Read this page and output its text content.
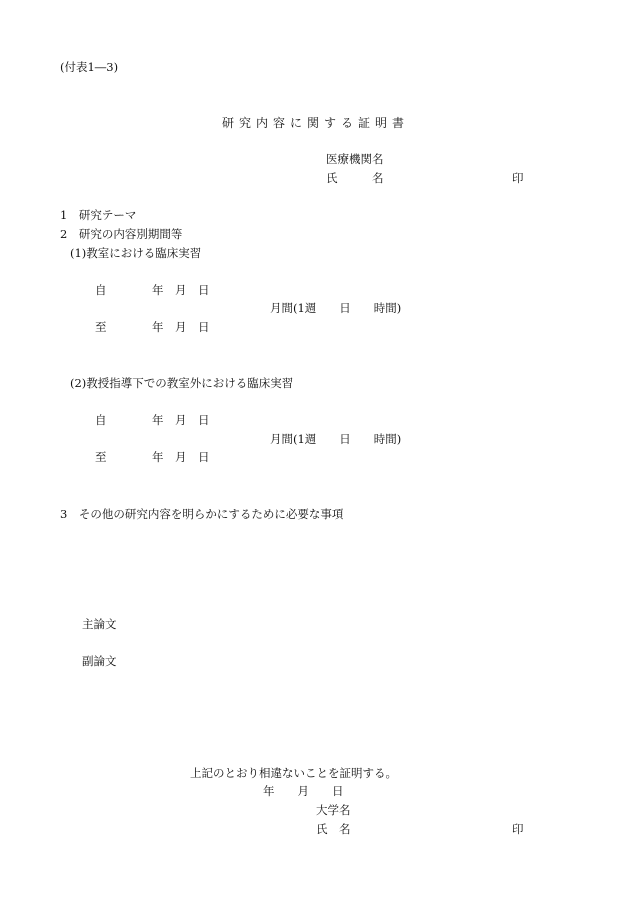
(付表1―3)
研究内容に関する証明書
医療機関名
氏　　　名	印
1　研究テーマ
2　研究の内容別期間等
(1)教室における臨床実習
自	年　月　日
月間(1週　　日　　時間)
至	年　月　日
(2)教授指導下での教室外における臨床実習
自	年　月　日
月間(1週　　日　　時間)
至	年　月　日
3　その他の研究内容を明らかにするために必要な事項
主論文
副論文
上記のとおり相違ないことを証明する。
年　　月　　日
大学名
氏　名	印
